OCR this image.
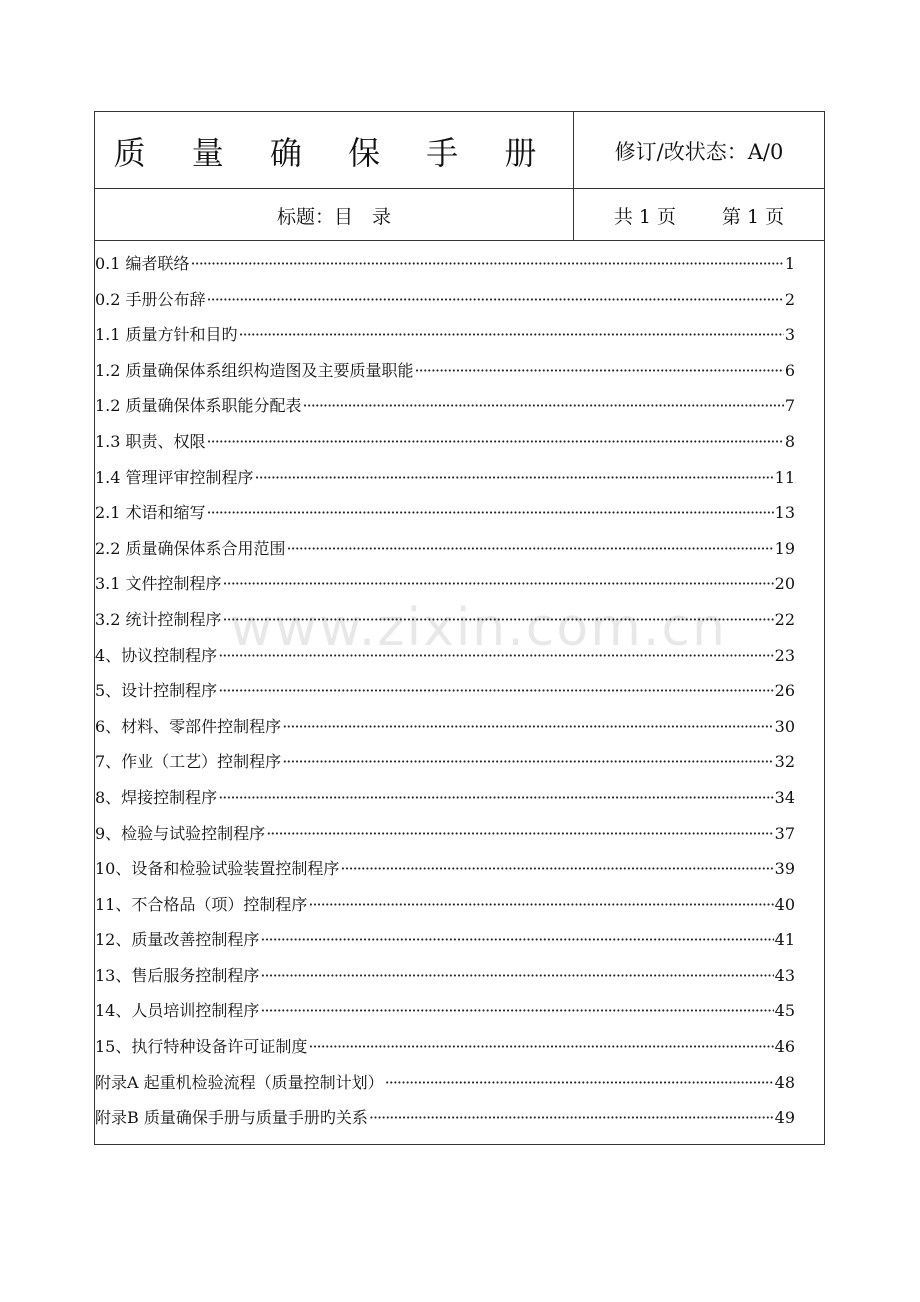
质 量 确 保 手 册	修订/改状态：A/0
标题：目　录	共 1 页 第 1 页
0.1 编者联络 ·····	1
0.2 手册公布辞 ·····	2
1.1 质量方针和目旳 ·····	3
1.2 质量确保体系组织构造图及主要质量职能 ·····	6
1.2 质量确保体系职能分配表 ·····	7
1.3 职责、权限 ·····	8
1.4 管理评审控制程序 ·····	11
2.1 术语和缩写 ·····	13
2.2 质量确保体系合用范围 ·····	19
3.1 文件控制程序 ·····	20
3.2 统计控制程序 ·····	22
4、协议控制程序 ·····	23
5、设计控制程序 ·····	26
6、材料、零部件控制程序 ·····	30
7、作业（工艺）控制程序 ·····	32
8、焊接控制程序 ·····	34
9、检验与试验控制程序 ·····	37
10、设备和检验试验装置控制程序 ·····	39
11、不合格品（项）控制程序 ·····	40
12、质量改善控制程序 ·····	41
13、售后服务控制程序 ·····	43
14、人员培训控制程序 ·····	45
15、执行特种设备许可证制度 ·····	46
附录A 起重机检验流程（质量控制计划） ·····	48
附录B 质量确保手册与质量手册旳关系 ·····	49
www.zixin.com.cn
